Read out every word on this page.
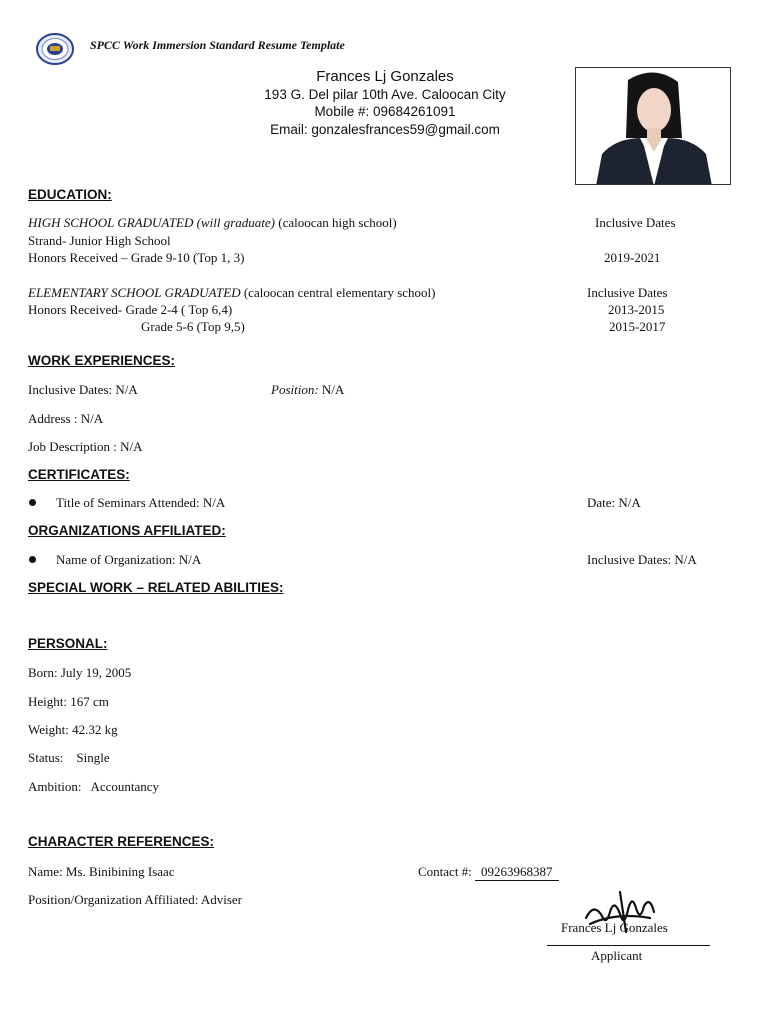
SPCC Work Immersion Standard Resume Template
Frances Lj Gonzales
193 G. Del pilar 10th Ave. Caloocan City
Mobile #: 09684261091
Email: gonzalesfrances59@gmail.com
EDUCATION:
HIGH SCHOOL GRADUATED (will graduate) (caloocan high school)	Inclusive Dates
Strand- Junior High School
Honors Received – Grade 9-10 (Top 1, 3)	2019-2021
ELEMENTARY SCHOOL GRADUATED (caloocan central elementary school)	Inclusive Dates
Honors Received- Grade 2-4 ( Top 6,4)	2013-2015
Grade 5-6 (Top 9,5)	2015-2017
WORK EXPERIENCES:
Inclusive Dates: N/A	Position: N/A
Address : N/A
Job Description : N/A
CERTIFICATES:
Title of Seminars Attended: N/A	Date: N/A
ORGANIZATIONS AFFILIATED:
Name of Organization: N/A	Inclusive Dates: N/A
SPECIAL WORK – RELATED ABILITIES:
PERSONAL:
Born: July 19, 2005
Height: 167 cm
Weight: 42.32 kg
Status:    Single
Ambition:   Accountancy
CHARACTER REFERENCES:
Name: Ms. Binibining Isaac	Contact #: 09263968387
Position/Organization Affiliated: Adviser
Frances Lj Gonzales
Applicant
